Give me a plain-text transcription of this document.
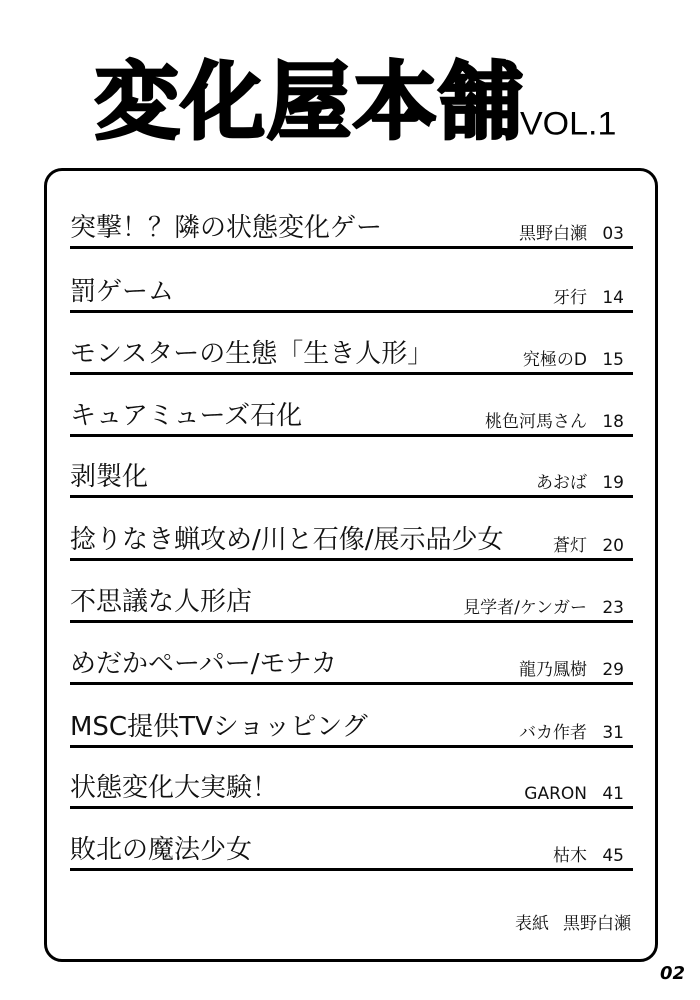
変化屋本舗
VOL.1
突撃！？隣の状態変化ゲー	黒野白瀬 03
罰ゲーム	牙行 14
モンスターの生態「生き人形」	究極のD 15
キュアミューズ石化	桃色河馬さん 18
剥製化	あおば 19
捻りなき蝋攻め/川と石像/展示品少女	蒼灯 20
不思議な人形店	見学者/ケンガー 23
めだかペーパー/モナカ	龍乃鳳樹 29
MSC提供TVショッピング	バカ作者 31
状態変化大実験！	GARON 41
敗北の魔法少女	枯木 45
表紙 黒野白瀬
02
